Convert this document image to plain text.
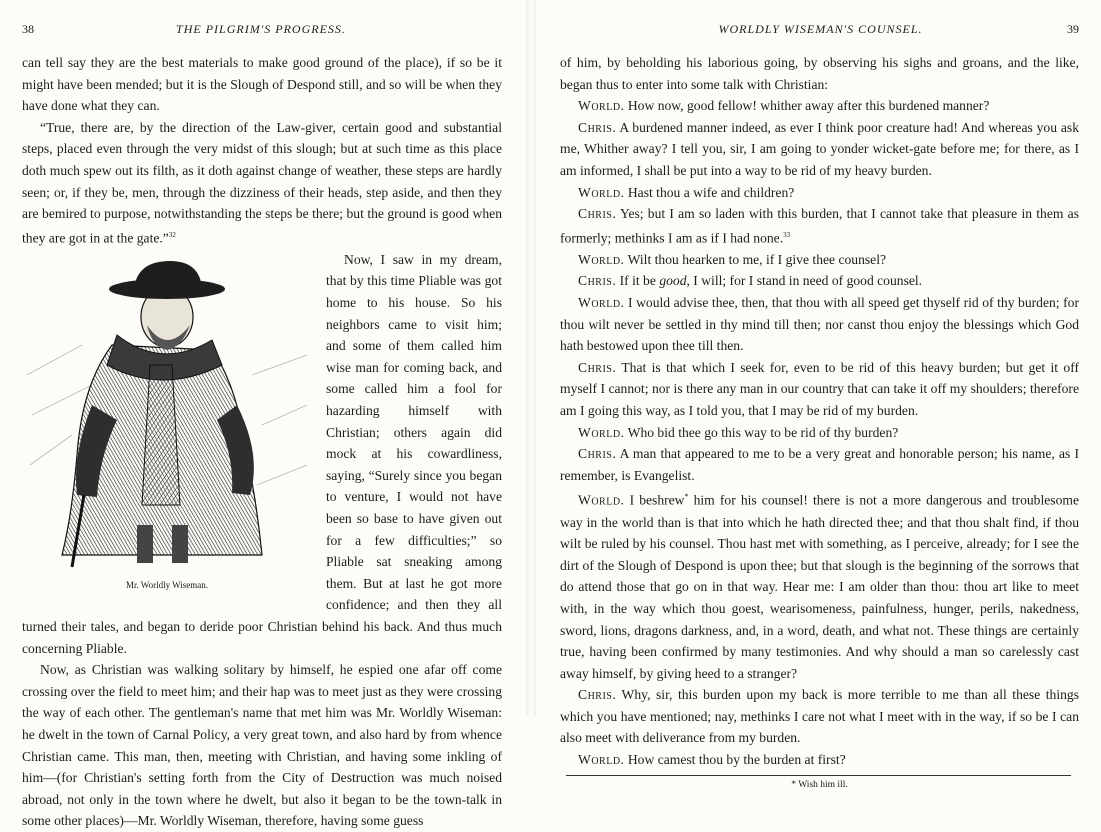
38	THE PILGRIM'S PROGRESS.

can tell say they are the best materials to make good ground of the place), if so be it might have been mended; but it is the Slough of Despond still, and so will be when they have done what they can.

“True, there are, by the direction of the Law-giver, certain good and substantial steps, placed even through the very midst of this slough; but at such time as this place doth much spew out its filth, as it doth against change of weather, these steps are hardly seen; or, if they be, men, through the dizziness of their heads, step aside, and then they are bemired to purpose, notwithstanding the steps be there; but the ground is good when they are got in at the gate.”$^{32}$

Mr. Worldly Wiseman.

Now, I saw in my dream, that by this time Pliable was got home to his house. So his neighbors came to visit him; and some of them called him wise man for coming back, and some called him a fool for hazarding himself with Christian; others again did mock at his cowardliness, saying, “Surely since you began to venture, I would not have been so base to have given out for a few difficulties;” so Pliable sat sneaking among them. But at last he got more confidence; and then they all turned their tales, and began to deride poor Christian behind his back. And thus much concerning Pliable.

Now, as Christian was walking solitary by himself, he espied one afar off come crossing over the field to meet him; and their hap was to meet just as they were crossing the way of each other. The gentleman's name that met him was Mr. Worldly Wiseman: he dwelt in the town of Carnal Policy, a very great town, and also hard by from whence Christian came. This man, then, meeting with Christian, and having some inkling of him—(for Christian's setting forth from the City of Destruction was much noised abroad, not only in the town where he dwelt, but also it began to be the town-talk in some other places)—Mr. Worldly Wiseman, therefore, having some guess

WORLDLY WISEMAN'S COUNSEL.	39

of him, by beholding his laborious going, by observing his sighs and groans, and the like, began thus to enter into some talk with Christian:

World. How now, good fellow! whither away after this burdened manner?

Chris. A burdened manner indeed, as ever I think poor creature had! And whereas you ask me, Whither away? I tell you, sir, I am going to yonder wicket-gate before me; for there, as I am informed, I shall be put into a way to be rid of my heavy burden.

World. Hast thou a wife and children?

Chris. Yes; but I am so laden with this burden, that I cannot take that pleasure in them as formerly; methinks I am as if I had none.$^{33}$

World. Wilt thou hearken to me, if I give thee counsel?

Chris. If it be good, I will; for I stand in need of good counsel.

World. I would advise thee, then, that thou with all speed get thyself rid of thy burden; for thou wilt never be settled in thy mind till then; nor canst thou enjoy the blessings which God hath bestowed upon thee till then.

Chris. That is that which I seek for, even to be rid of this heavy burden; but get it off myself I cannot; nor is there any man in our country that can take it off my shoulders; therefore am I going this way, as I told you, that I may be rid of my burden.

World. Who bid thee go this way to be rid of thy burden?

Chris. A man that appeared to me to be a very great and honorable person; his name, as I remember, is Evangelist.

World. I beshrew* him for his counsel! there is not a more dangerous and troublesome way in the world than is that into which he hath directed thee; and that thou shalt find, if thou wilt be ruled by his counsel. Thou hast met with something, as I perceive, already; for I see the dirt of the Slough of Despond is upon thee; but that slough is the beginning of the sorrows that do attend those that go on in that way. Hear me: I am older than thou: thou art like to meet with, in the way which thou goest, wearisomeness, painfulness, hunger, perils, nakedness, sword, lions, dragons darkness, and, in a word, death, and what not. These things are certainly true, having been confirmed by many testimonies. And why should a man so carelessly cast away himself, by giving heed to a stranger?

Chris. Why, sir, this burden upon my back is more terrible to me than all these things which you have mentioned; nay, methinks I care not what I meet with in the way, if so be I can also meet with deliverance from my burden.

World. How camest thou by the burden at first?

* Wish him ill.
